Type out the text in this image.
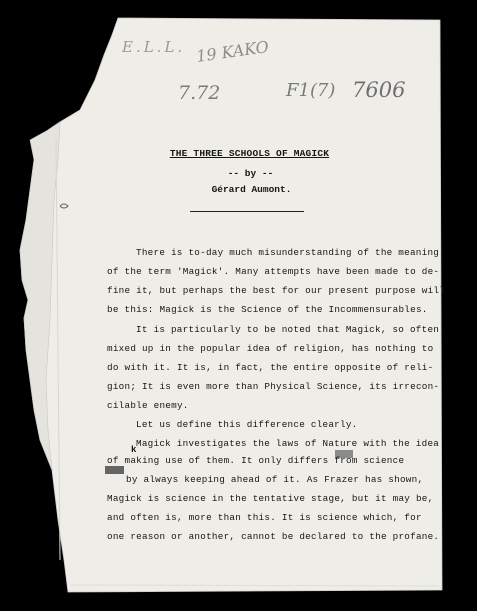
E.L.L. 19 KAKO
7.72	F1(7) 7606
THE THREE SCHOOLS OF MAGICK
-- by --
Gérard Aumont.
There is to-day much misunderstanding of the meaning
of the term 'Magick'. Many attempts have been made to de-
fine it, but perhaps the best for our present purpose will
be this: Magick is the Science of the Incommensurables.
It is particularly to be noted that Magick, so often
mixed up in the popular idea of religion, has nothing to
do with it. It is, in fact, the entire opposite of reli-
gion; It is even more than Physical Science, its irrecon-
cilable enemy.
Let us define this difference clearly.
Magick investigates the laws of Nature with the idea
k
of making use of them. It only differs from science
by always keeping ahead of it. As Frazer has shown,
Magick is science in the tentative stage, but it may be,
and often is, more than this. It is science which, for
one reason or another, cannot be declared to the profane.
